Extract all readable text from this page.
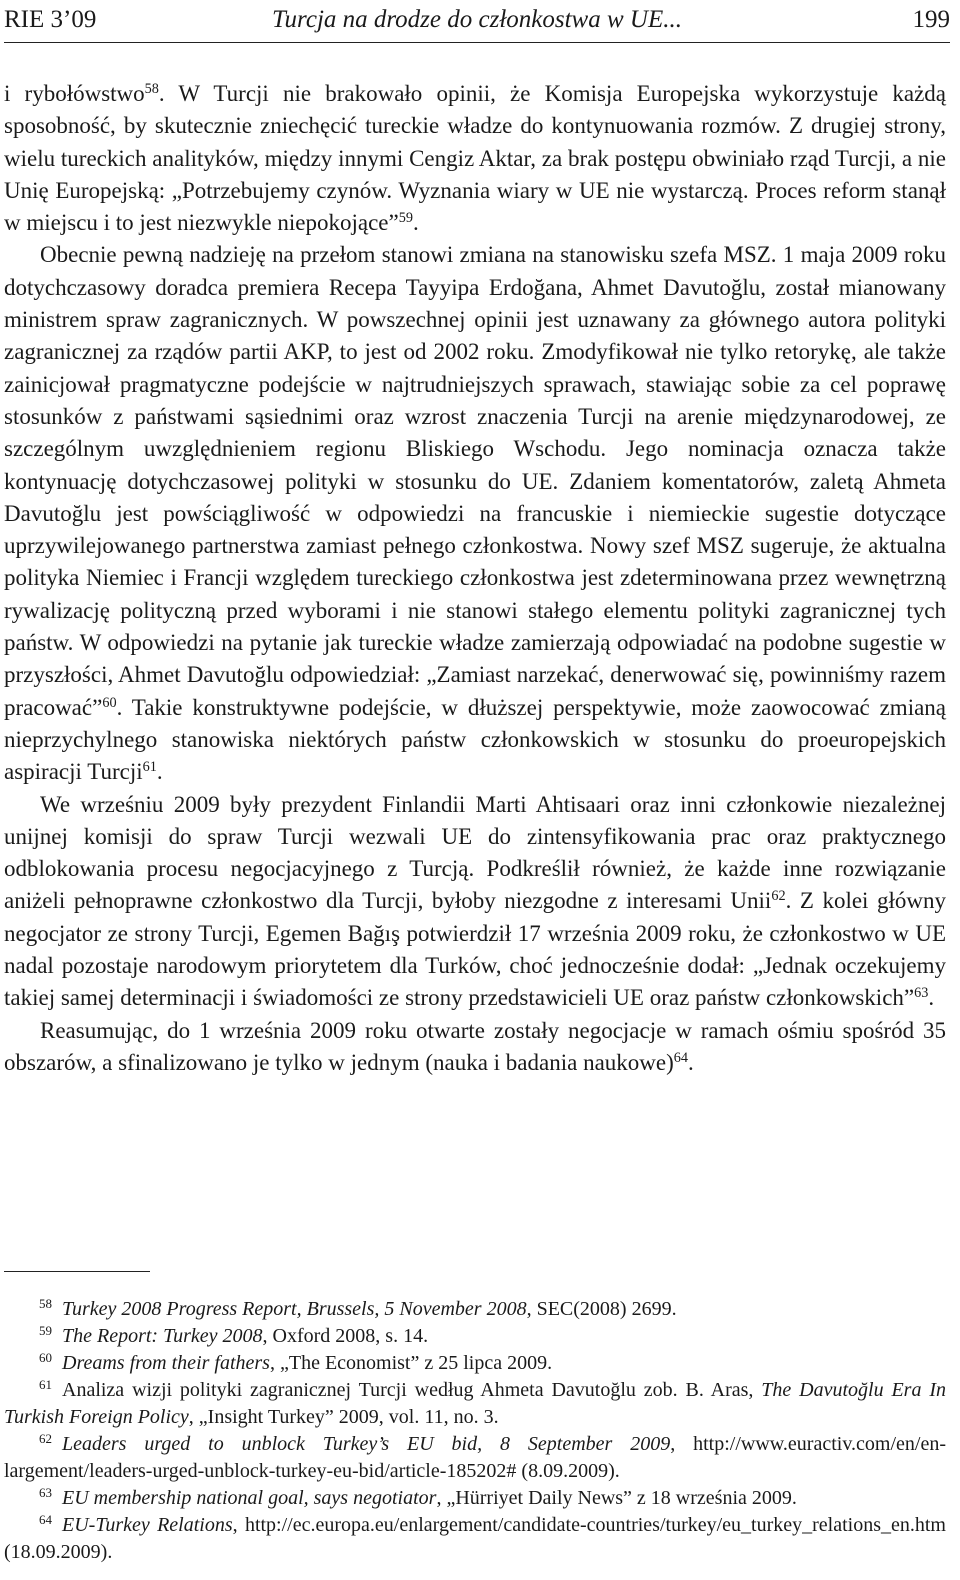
RIE 3’09	Turcja na drodze do członkostwa w UE...	199

i rybołówstwo$^{58}$. W Turcji nie brakowało opinii, że Komisja Europejska wykorzystuje każdą sposobność, by skutecznie zniechęcić tureckie władze do kontynuowania rozmów. Z drugiej strony, wielu tureckich analityków, między innymi Cengiz Aktar, za brak postępu obwiniało rząd Turcji, a nie Unię Europejską: „Potrzebujemy czynów. Wyznania wiary w UE nie wystarczą. Proces reform stanął w miejscu i to jest niezwykle niepokojące”$^{59}$.

Obecnie pewną nadzieję na przełom stanowi zmiana na stanowisku szefa MSZ. 1 maja 2009 roku dotychczasowy doradca premiera Recepa Tayyipa Erdoğana, Ahmet Davutoğlu, został mianowany ministrem spraw zagranicznych. W powszechnej opinii jest uznawany za głównego autora polityki zagranicznej za rządów partii AKP, to jest od 2002 roku. Zmodyfikował nie tylko retorykę, ale także zainicjował pragmatyczne podejście w najtrudniejszych sprawach, stawiając sobie za cel poprawę stosunków z państwami sąsiednimi oraz wzrost znaczenia Turcji na arenie międzynarodowej, ze szczególnym uwzględnieniem regionu Bliskiego Wschodu. Jego nominacja oznacza także kontynuację dotychczasowej polityki w stosunku do UE. Zdaniem komentatorów, zaletą Ahmeta Davutoğlu jest powściągliwość w odpowiedzi na francuskie i niemieckie sugestie dotyczące uprzywilejowanego partnerstwa zamiast pełnego członkostwa. Nowy szef MSZ sugeruje, że aktualna polityka Niemiec i Francji względem tureckiego członkostwa jest zdeterminowana przez wewnętrzną rywalizację polityczną przed wyborami i nie stanowi stałego elementu polityki zagranicznej tych państw. W odpowiedzi na pytanie jak tureckie władze zamierzają odpowiadać na podobne sugestie w przyszłości, Ahmet Davutoğlu odpowiedział: „Zamiast narzekać, denerwować się, powinniśmy razem pracować”$^{60}$. Takie konstruktywne podejście, w dłuższej perspektywie, może zaowocować zmianą nieprzychylnego stanowiska niektórych państw członkowskich w stosunku do proeuropejskich aspiracji Turcji$^{61}$.

We wrześniu 2009 były prezydent Finlandii Marti Ahtisaari oraz inni członkowie niezależnej unijnej komisji do spraw Turcji wezwali UE do zintensyfikowania prac oraz praktycznego odblokowania procesu negocjacyjnego z Turcją. Podkreślił również, że każde inne rozwiązanie aniżeli pełnoprawne członkostwo dla Turcji, byłoby niezgodne z interesami Unii$^{62}$. Z kolei główny negocjator ze strony Turcji, Egemen Bağış potwierdził 17 września 2009 roku, że członkostwo w UE nadal pozostaje narodowym priorytetem dla Turków, choć jednocześnie dodał: „Jednak oczekujemy takiej samej determinacji i świadomości ze strony przedstawicieli UE oraz państw członkowskich”$^{63}$.

Reasumując, do 1 września 2009 roku otwarte zostały negocjacje w ramach ośmiu spośród 35 obszarów, a sfinalizowano je tylko w jednym (nauka i badania naukowe)$^{64}$.

58 Turkey 2008 Progress Report, Brussels, 5 November 2008, SEC(2008) 2699.

59 The Report: Turkey 2008, Oxford 2008, s. 14.

60 Dreams from their fathers, „The Economist” z 25 lipca 2009.

61 Analiza wizji polityki zagranicznej Turcji według Ahmeta Davutoğlu zob. B. Aras, The Davutoğlu Era In Turkish Foreign Policy, „Insight Turkey” 2009, vol. 11, no. 3.

62 Leaders urged to unblock Turkey’s EU bid, 8 September 2009, http://www.euractiv.com/en/enlargement/leaders-urged-unblock-turkey-eu-bid/article-185202# (8.09.2009).

63 EU membership national goal, says negotiator, „Hürriyet Daily News” z 18 września 2009.

64 EU-Turkey Relations, http://ec.europa.eu/enlargement/candidate-countries/turkey/eu_turkey_relations_en.htm (18.09.2009).
